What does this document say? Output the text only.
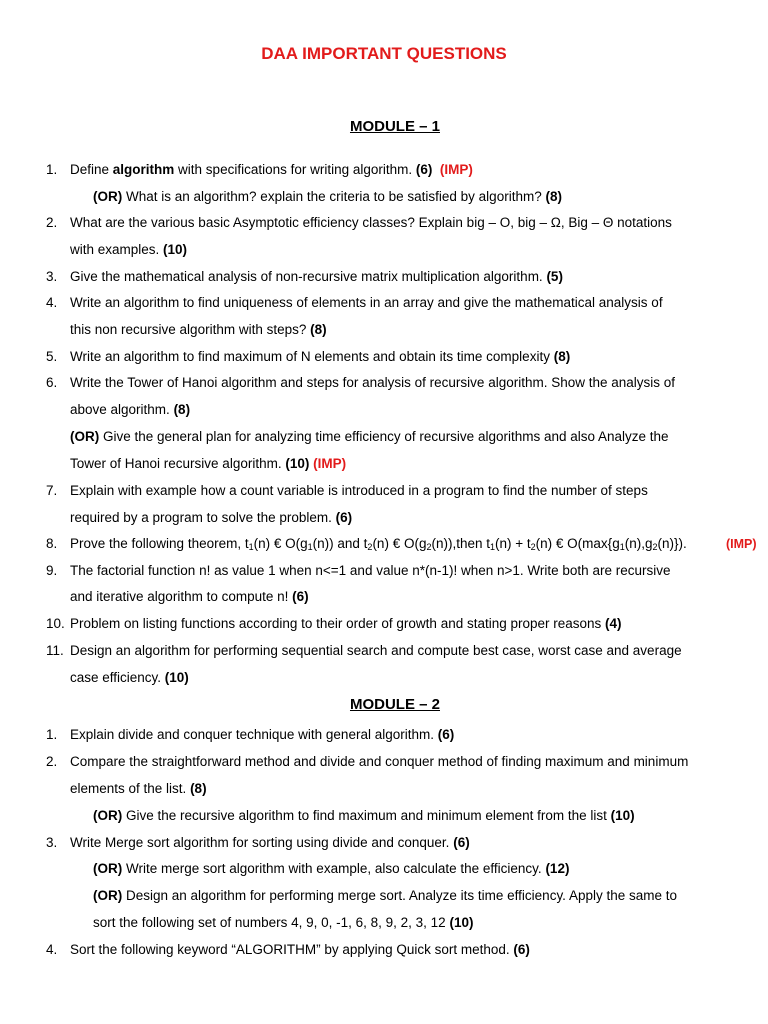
DAA IMPORTANT QUESTIONS
MODULE – 1
1. Define algorithm with specifications for writing algorithm. (6) (IMP)
(OR) What is an algorithm? explain the criteria to be satisfied by algorithm? (8)
2. What are the various basic Asymptotic efficiency classes? Explain big – O, big – Ω, Big – Θ notations
with examples. (10)
3. Give the mathematical analysis of non-recursive matrix multiplication algorithm. (5)
4. Write an algorithm to find uniqueness of elements in an array and give the mathematical analysis of
this non recursive algorithm with steps? (8)
5. Write an algorithm to find maximum of N elements and obtain its time complexity (8)
6. Write the Tower of Hanoi algorithm and steps for analysis of recursive algorithm. Show the analysis of
above algorithm. (8)
(OR) Give the general plan for analyzing time efficiency of recursive algorithms and also Analyze the
Tower of Hanoi recursive algorithm. (10) (IMP)
7. Explain with example how a count variable is introduced in a program to find the number of steps
required by a program to solve the problem. (6)
8. Prove the following theorem, $t_1(n)$ € $O(g_1(n))$ and $t_2(n)$ € $O(g_2(n)),then$ $t_1(n) + t_2(n)$ € $O(\max\{g_1(n),g_2(n)\})$.	(IMP)
9. The factorial function n! as value 1 when n<=1 and value n*(n-1)! when n>1. Write both are recursive
and iterative algorithm to compute n! (6)
10. Problem on listing functions according to their order of growth and stating proper reasons (4)
11. Design an algorithm for performing sequential search and compute best case, worst case and average
case efficiency. (10)
MODULE – 2
1. Explain divide and conquer technique with general algorithm. (6)
2. Compare the straightforward method and divide and conquer method of finding maximum and minimum
elements of the list. (8)
(OR) Give the recursive algorithm to find maximum and minimum element from the list (10)
3. Write Merge sort algorithm for sorting using divide and conquer. (6)
(OR) Write merge sort algorithm with example, also calculate the efficiency. (12)
(OR) Design an algorithm for performing merge sort. Analyze its time efficiency. Apply the same to
sort the following set of numbers 4, 9, 0, -1, 6, 8, 9, 2, 3, 12 (10)
4. Sort the following keyword “ALGORITHM” by applying Quick sort method. (6)
